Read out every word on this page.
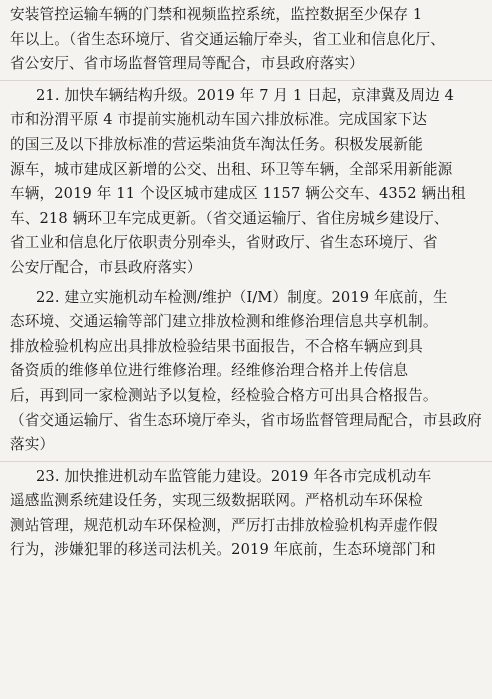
安装管控运输车辆的门禁和视频监控系统，监控数据至少保存 1
年以上。（省生态环境厅、省交通运输厅牵头，省工业和信息化厅、
省公安厅、省市场监督管理局等配合，市县政府落实）
21. 加快车辆结构升级。2019 年 7 月 1 日起，京津冀及周边 4
市和汾渭平原 4 市提前实施机动车国六排放标准。完成国家下达
的国三及以下排放标准的营运柴油货车淘汰任务。积极发展新能
源车，城市建成区新增的公交、出租、环卫等车辆，全部采用新能源
车辆，2019 年 11 个设区城市建成区 1157 辆公交车、4352 辆出租
车、218 辆环卫车完成更新。（省交通运输厅、省住房城乡建设厅、
省工业和信息化厅依职责分别牵头，省财政厅、省生态环境厅、省
公安厅配合，市县政府落实）
22. 建立实施机动车检测/维护（I/M）制度。2019 年底前，生
态环境、交通运输等部门建立排放检测和维修治理信息共享机制。
排放检验机构应出具排放检验结果书面报告，不合格车辆应到具
备资质的维修单位进行维修治理。经维修治理合格并上传信息
后，再到同一家检测站予以复检，经检验合格方可出具合格报告。
（省交通运输厅、省生态环境厅牵头，省市场监督管理局配合，市县政府
落实）
23. 加快推进机动车监管能力建设。2019 年各市完成机动车
遥感监测系统建设任务，实现三级数据联网。严格机动车环保检
测站管理，规范机动车环保检测，严厉打击排放检验机构弄虚作假
行为，涉嫌犯罪的移送司法机关。2019 年底前，生态环境部门和
